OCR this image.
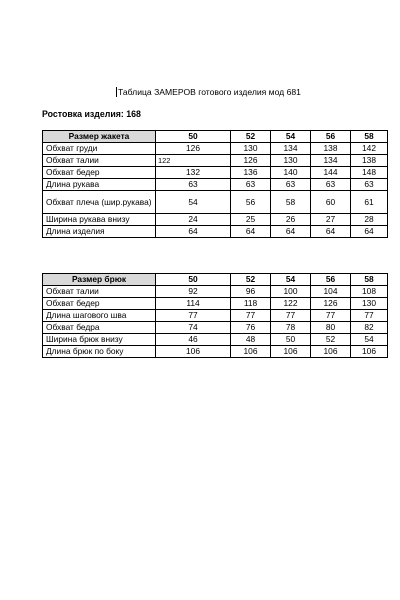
Таблица ЗАМЕРОВ готового изделия мод 681
Ростовка изделия: 168
Размер жакета	50	52	54	56	58
Обхват груди	126	130	134	138	142
Обхват талии	122	126	130	134	138
Обхват бедер	132	136	140	144	148
Длина рукава	63	63	63	63	63
Обхват плеча (шир.рукава)	54	56	58	60	61
Ширина рукава внизу	24	25	26	27	28
Длина изделия	64	64	64	64	64
Размер брюк	50	52	54	56	58
Обхват талии	92	96	100	104	108
Обхват бедер	114	118	122	126	130
Длина шагового шва	77	77	77	77	77
Обхват бедра	74	76	78	80	82
Ширина брюк внизу	46	48	50	52	54
Длина брюк по боку	106	106	106	106	106
